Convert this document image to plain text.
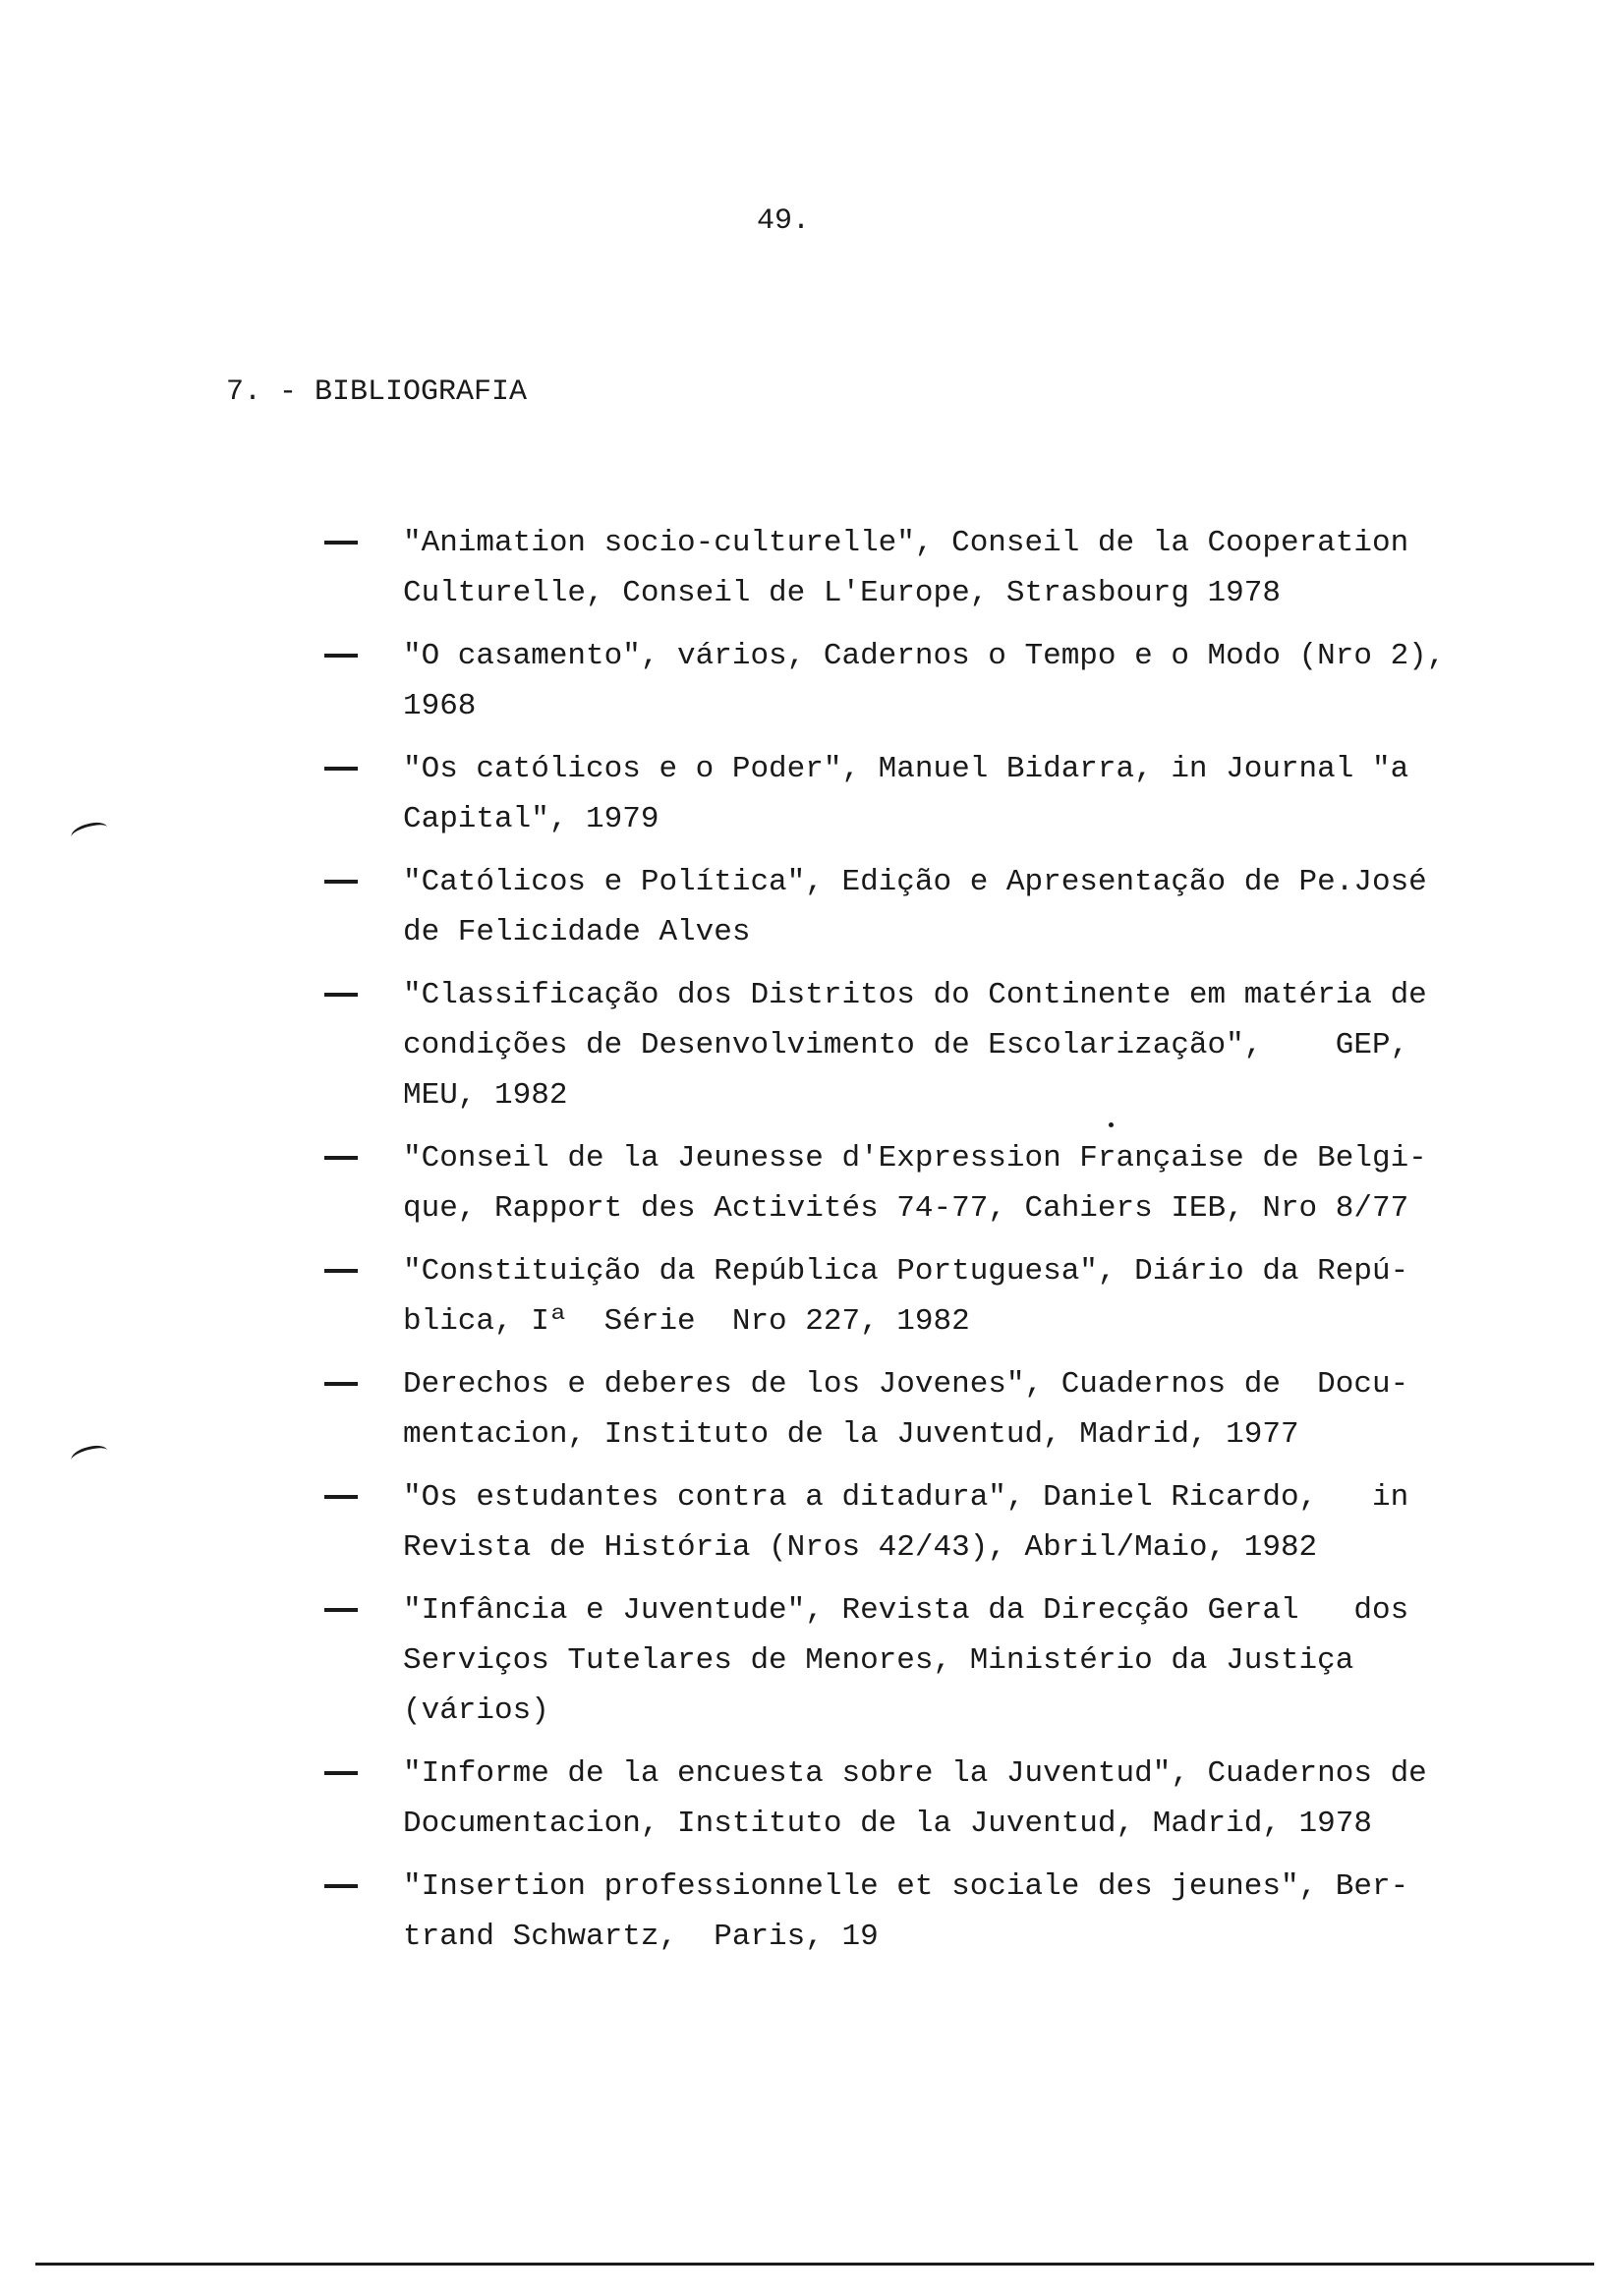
49.
7. - BIBLIOGRAFIA
"Animation socio-culturelle", Conseil de la Cooperation
Culturelle, Conseil de L'Europe, Strasbourg 1978
"O casamento", vários, Cadernos o Tempo e o Modo (Nro 2),
1968
"Os católicos e o Poder", Manuel Bidarra, in Journal "a
Capital", 1979
"Católicos e Política", Edição e Apresentação de Pe.José
de Felicidade Alves
"Classificação dos Distritos do Continente em matéria de
condições de Desenvolvimento de Escolarização",    GEP,
MEU, 1982
"Conseil de la Jeunesse d'Expression Française de Belgi-
que, Rapport des Activités 74-77, Cahiers IEB, Nro 8/77
"Constituição da República Portuguesa", Diário da Repú-
blica, Iª  Série  Nro 227, 1982
Derechos e deberes de los Jovenes", Cuadernos de  Docu-
mentacion, Instituto de la Juventud, Madrid, 1977
"Os estudantes contra a ditadura", Daniel Ricardo,   in
Revista de História (Nros 42/43), Abril/Maio, 1982
"Infância e Juventude", Revista da Direcção Geral   dos
Serviços Tutelares de Menores, Ministério da Justiça
(vários)
"Informe de la encuesta sobre la Juventud", Cuadernos de
Documentacion, Instituto de la Juventud, Madrid, 1978
"Insertion professionnelle et sociale des jeunes", Ber-
trand Schwartz,  Paris, 19
